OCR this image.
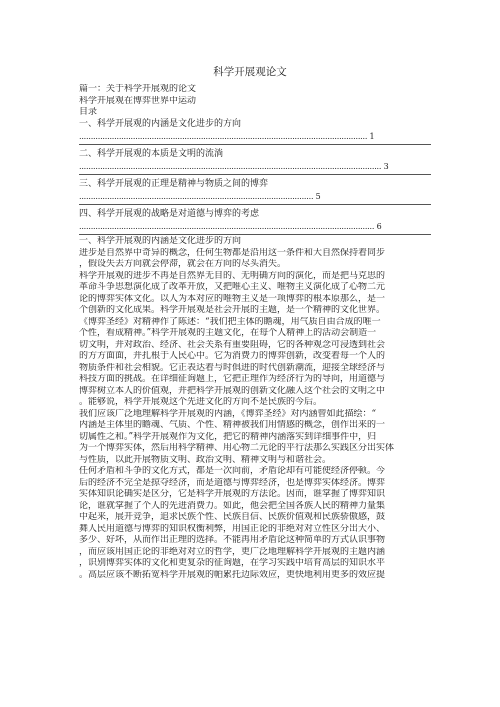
科学开展观论文
篇一：关于科学开展观的论文
科学开展观在博弈世界中运动
目录
一、科学开展观的内涵是文化进步的方向
........................................................................................................................... 1
二、科学开展观的本质是文明的流淌
................................................................................................................................. 3
三、科学开展观的正理是精神与物质之间的博弈
.................................................................................................... 5
四、科学开展观的战略是对道德与博弈的考虑
.............................................................................................................................. 6
一、科学开展观的内涵是文化进步的方向
进步是自然界中奇异的概念，任何生物都是沿用这一条件和大自然保持着同步
，假设失去方向就会停滞，就会在方向的尽头消失。
科学开展观的进步不再是自然界无目的、无明确方向的演化，而是把马克思的
革命斗争思想演化成了改革开放，又把唯心主义、唯物主义演化成了心物二元
论的博弈实体文化。以人为本对应的唯物主义是一项博弈的根本原那么，是一
个创新的文化成果。科学开展观是社会开展的主题，是一个精神的文化世界。
《博弈圣经》对精神作了陈述：“我们把主体的瞻魂，用气质自由合成的唯一
个性，看成精神。”科学开展观的主题文化，在每个人精神上的活动会制造一
切文明，并对政治、经济、社会关系有重要阻碍，它的各种观念可浸透到社会
的方方面面，并扎根于人民心中。它为消费力的博弈创新，改变着每一个人的
物质条件和社会相貌。它正表达着与时俱进的时代创新潮流，迎接全球经济与
科技方面的挑战。在详细征询题上，它把正理作为经济行为的导向，用道德与
博弈树立本人的价值观，并把科学开展观的创新文化融入这个社会的文明之中
。能够说，科学开展观这个先进文化的方向不是民族的今后。
我们应该广泛地理解科学开展观的内涵，《博弈圣经》对内涵曾如此描绘：“
内涵是主体里的瞻魂、气质、个性、精神被我们用情感的概念，创作出来的一
切属性之和。”科学开展观作为文化，把它的精神内涵落实到详细事件中，归
为一个博弈实体，然后用科学精神、用心物二元论的平行法那么实践区分出实体
与性质，以此开展物质文明、政治文明、精神文明与和谐社会。
任何矛盾和斗争的文化方式，都是一次向前，矛盾论却有可能使经济停顿。今
后的经济不完全是掠夺经济，而是道德与博弈经济，也是博弈实体经济。博弈
实体知识论确实是区分，它是科学开展观的方法论。因而，谁掌握了博弈知识
论，谁就掌握了个人的先进消费力。如此，他会把全国各族人民的精神力量集
中起来，展开竞争，追求民族个性、民族自信、民族价值观和民族骄傲感，鼓
舞人民用道德与博弈的知识权衡利弊，用国正论的非绝对对立性区分出大小、
多少、好坏，从而作出正理的选择。不能再用矛盾论这种简单的方式认识事物
，而应该用国正论的非绝对对立的哲学，更广泛地理解科学开展观的主题内涵
，识别博弈实体的文化和更复杂的征询题，在学习实践中培育高层的知识水平
。高层应该不断拓宽科学开展观的帕累托边际效应，更快地利用更多的效应提
